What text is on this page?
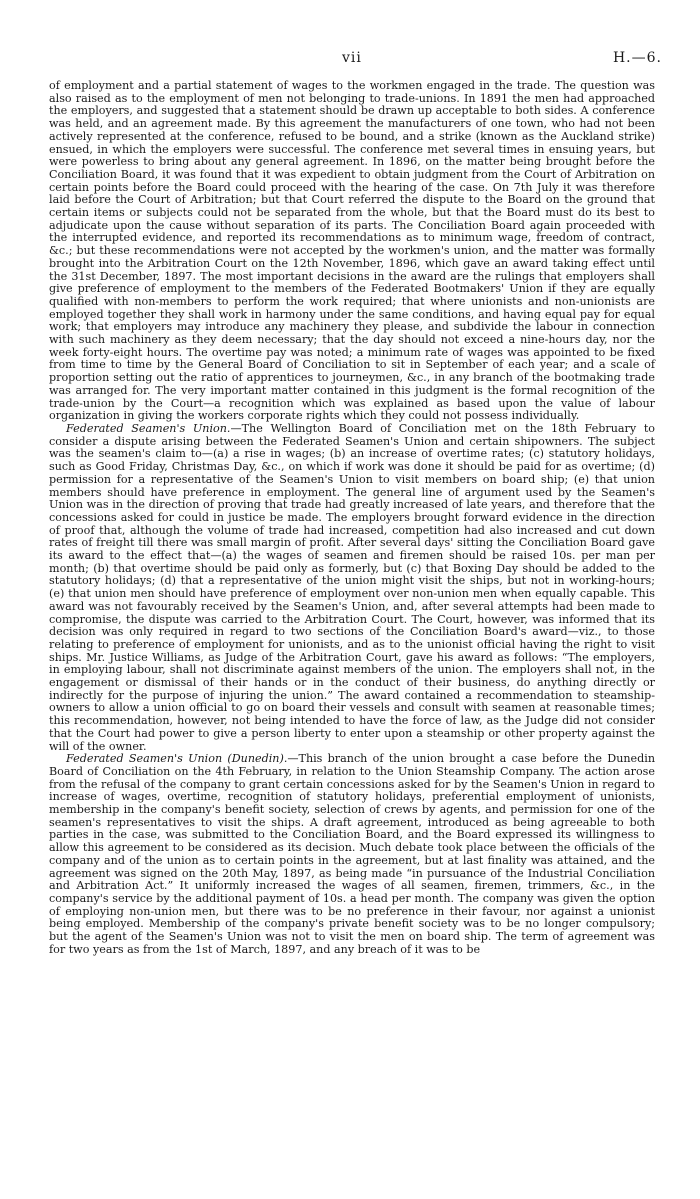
vii	H.—6.

of employment and a partial statement of wages to the workmen engaged in the trade. The question was also raised as to the employment of men not belonging to trade-unions. In 1891 the men had approached the employers, and suggested that a statement should be drawn up acceptable to both sides. A conference was held, and an agreement made. By this agreement the manufacturers of one town, who had not been actively represented at the conference, refused to be bound, and a strike (known as the Auckland strike) ensued, in which the employers were successful. The conference met several times in ensuing years, but were powerless to bring about any general agreement. In 1896, on the matter being brought before the Conciliation Board, it was found that it was expedient to obtain judgment from the Court of Arbitration on certain points before the Board could proceed with the hearing of the case. On 7th July it was therefore laid before the Court of Arbitration; but that Court referred the dispute to the Board on the ground that certain items or subjects could not be separated from the whole, but that the Board must do its best to adjudicate upon the cause without separation of its parts. The Conciliation Board again proceeded with the interrupted evidence, and reported its recommendations as to minimum wage, freedom of contract, &c.; but these recommendations were not accepted by the workmen's union, and the matter was formally brought into the Arbitration Court on the 12th November, 1896, which gave an award taking effect until the 31st December, 1897. The most important decisions in the award are the rulings that employers shall give preference of employment to the members of the Federated Bootmakers' Union if they are equally qualified with non-members to perform the work required; that where unionists and non-unionists are employed together they shall work in harmony under the same conditions, and having equal pay for equal work; that employers may introduce any machinery they please, and subdivide the labour in connection with such machinery as they deem necessary; that the day should not exceed a nine-hours day, nor the week forty-eight hours. The overtime pay was noted; a minimum rate of wages was appointed to be fixed from time to time by the General Board of Conciliation to sit in September of each year; and a scale of proportion setting out the ratio of apprentices to journeymen, &c., in any branch of the bootmaking trade was arranged for. The very important matter contained in this judgment is the formal recognition of the trade-union by the Court—a recognition which was explained as based upon the value of labour organization in giving the workers corporate rights which they could not possess individually.

Federated Seamen's Union.—The Wellington Board of Conciliation met on the 18th February to consider a dispute arising between the Federated Seamen's Union and certain shipowners. The subject was the seamen's claim to—(a) a rise in wages; (b) an increase of overtime rates; (c) statutory holidays, such as Good Friday, Christmas Day, &c., on which if work was done it should be paid for as overtime; (d) permission for a representative of the Seamen's Union to visit members on board ship; (e) that union members should have preference in employment. The general line of argument used by the Seamen's Union was in the direction of proving that trade had greatly increased of late years, and therefore that the concessions asked for could in justice be made. The employers brought forward evidence in the direction of proof that, although the volume of trade had increased, competition had also increased and cut down rates of freight till there was small margin of profit. After several days' sitting the Conciliation Board gave its award to the effect that—(a) the wages of seamen and firemen should be raised 10s. per man per month; (b) that overtime should be paid only as formerly, but (c) that Boxing Day should be added to the statutory holidays; (d) that a representative of the union might visit the ships, but not in working-hours; (e) that union men should have preference of employment over non-union men when equally capable. This award was not favourably received by the Seamen's Union, and, after several attempts had been made to compromise, the dispute was carried to the Arbitration Court. The Court, however, was informed that its decision was only required in regard to two sections of the Conciliation Board's award—viz., to those relating to preference of employment for unionists, and as to the unionist official having the right to visit ships. Mr. Justice Williams, as Judge of the Arbitration Court, gave his award as follows: “The employers, in employing labour, shall not discriminate against members of the union. The employers shall not, in the engagement or dismissal of their hands or in the conduct of their business, do anything directly or indirectly for the purpose of injuring the union.” The award contained a recommendation to steamship-owners to allow a union official to go on board their vessels and consult with seamen at reasonable times; this recommendation, however, not being intended to have the force of law, as the Judge did not consider that the Court had power to give a person liberty to enter upon a steamship or other property against the will of the owner.

Federated Seamen's Union (Dunedin).—This branch of the union brought a case before the Dunedin Board of Conciliation on the 4th February, in relation to the Union Steamship Company. The action arose from the refusal of the company to grant certain concessions asked for by the Seamen's Union in regard to increase of wages, overtime, recognition of statutory holidays, preferential employment of unionists, membership in the company's benefit society, selection of crews by agents, and permission for one of the seamen's representatives to visit the ships. A draft agreement, introduced as being agreeable to both parties in the case, was submitted to the Conciliation Board, and the Board expressed its willingness to allow this agreement to be considered as its decision. Much debate took place between the officials of the company and of the union as to certain points in the agreement, but at last finality was attained, and the agreement was signed on the 20th May, 1897, as being made “in pursuance of the Industrial Conciliation and Arbitration Act.” It uniformly increased the wages of all seamen, firemen, trimmers, &c., in the company's service by the additional payment of 10s. a head per month. The company was given the option of employing non-union men, but there was to be no preference in their favour, nor against a unionist being employed. Membership of the company's private benefit society was to be no longer compulsory; but the agent of the Seamen's Union was not to visit the men on board ship. The term of agreement was for two years as from the 1st of March, 1897, and any breach of it was to be
